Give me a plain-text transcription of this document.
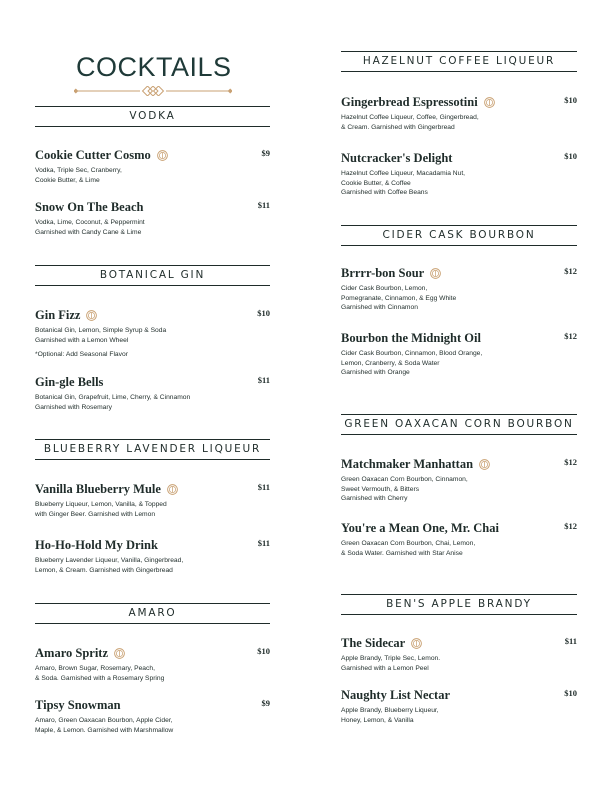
COCKTAILS
VODKA
Cookie Cutter Cosmo	$9
Vodka, Triple Sec, Cranberry,
Cookie Butter, & Lime
Snow On The Beach	$11
Vodka, Lime, Coconut, & Peppermint
Garnished with Candy Cane & Lime
BOTANICAL GIN
Gin Fizz	$10
Botanical Gin, Lemon, Simple Syrup & Soda
Garnished with a Lemon Wheel
*Optional: Add Seasonal Flavor
Gin-gle Bells	$11
Botanical Gin, Grapefruit, Lime, Cherry, & Cinnamon
Garnished with Rosemary
BLUEBERRY LAVENDER LIQUEUR
Vanilla Blueberry Mule	$11
Blueberry Liqueur, Lemon, Vanilla, & Topped
with Ginger Beer. Garnished with Lemon
Ho-Ho-Hold My Drink	$11
Blueberry Lavender Liqueur, Vanilla, Gingerbread,
Lemon, & Cream. Garnished with Gingerbread
AMARO
Amaro Spritz	$10
Amaro, Brown Sugar, Rosemary, Peach,
& Soda. Garnished with a Rosemary Spring
Tipsy Snowman	$9
Amaro, Green Oaxacan Bourbon, Apple Cider,
Maple, & Lemon. Garnished with Marshmallow
HAZELNUT COFFEE LIQUEUR
Gingerbread Espressotini	$10
Hazelnut Coffee Liqueur, Coffee, Gingerbread,
& Cream. Garnished with Gingerbread
Nutcracker's Delight	$10
Hazelnut Coffee Liqueur, Macadamia Nut,
Cookie Butter, & Coffee
Garnished with Coffee Beans
CIDER CASK BOURBON
Brrrr-bon Sour	$12
Cider Cask Bourbon, Lemon,
Pomegranate, Cinnamon, & Egg White
Garnished with Cinnamon
Bourbon the Midnight Oil	$12
Cider Cask Bourbon, Cinnamon, Blood Orange,
Lemon, Cranberry, & Soda Water
Garnished with Orange
GREEN OAXACAN CORN BOURBON
Matchmaker Manhattan	$12
Green Oaxacan Corn Bourbon, Cinnamon,
Sweet Vermouth, & Bitters
Garnished with Cherry
You're a Mean One, Mr. Chai	$12
Green Oaxacan Corn Bourbon, Chai, Lemon,
& Soda Water. Garnished with Star Anise
BEN'S APPLE BRANDY
The Sidecar	$11
Apple Brandy, Triple Sec, Lemon.
Garnished with a Lemon Peel
Naughty List Nectar	$10
Apple Brandy, Blueberry Liqueur,
Honey, Lemon, & Vanilla
